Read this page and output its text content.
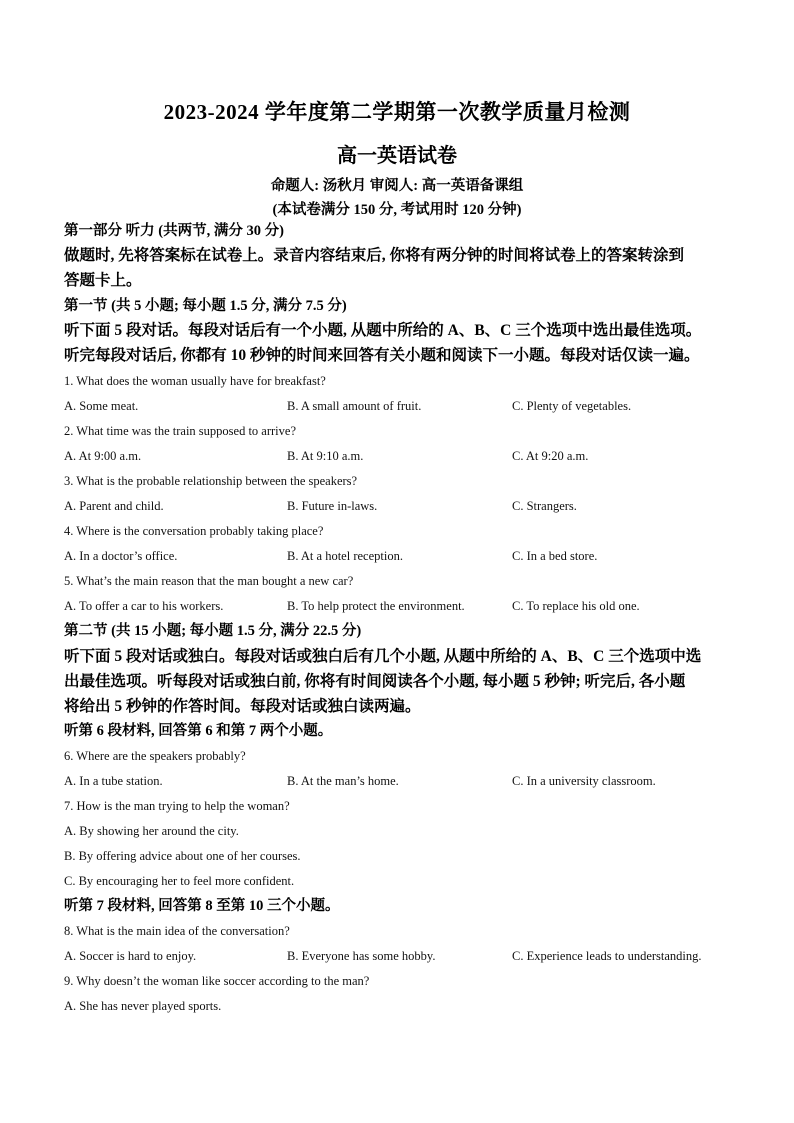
2023-2024 学年度第二学期第一次教学质量月检测
高一英语试卷
命题人: 汤秋月 审阅人: 高一英语备课组
(本试卷满分 150 分, 考试用时 120 分钟)
第一部分 听力 (共两节, 满分 30 分)
做题时, 先将答案标在试卷上。录音内容结束后, 你将有两分钟的时间将试卷上的答案转涂到
答题卡上。
第一节 (共 5 小题; 每小题 1.5 分, 满分 7.5 分)
听下面 5 段对话。每段对话后有一个小题, 从题中所给的 A、B、C 三个选项中选出最佳选项。
听完每段对话后, 你都有 10 秒钟的时间来回答有关小题和阅读下一小题。每段对话仅读一遍。
1. What does the woman usually have for breakfast?
A. Some meat.	B. A small amount of fruit.	C. Plenty of vegetables.
2. What time was the train supposed to arrive?
A. At 9:00 a.m.	B. At 9:10 a.m.	C. At 9:20 a.m.
3. What is the probable relationship between the speakers?
A. Parent and child.	B. Future in-laws.	C. Strangers.
4. Where is the conversation probably taking place?
A. In a doctor’s office.	B. At a hotel reception.	C. In a bed store.
5. What’s the main reason that the man bought a new car?
A. To offer a car to his workers.	B. To help protect the environment.	C. To replace his old one.
第二节 (共 15 小题; 每小题 1.5 分, 满分 22.5 分)
听下面 5 段对话或独白。每段对话或独白后有几个小题, 从题中所给的 A、B、C 三个选项中选
出最佳选项。听每段对话或独白前, 你将有时间阅读各个小题, 每小题 5 秒钟; 听完后, 各小题
将给出 5 秒钟的作答时间。每段对话或独白读两遍。
听第 6 段材料, 回答第 6 和第 7 两个小题。
6. Where are the speakers probably?
A. In a tube station.	B. At the man’s home.	C. In a university classroom.
7. How is the man trying to help the woman?
A. By showing her around the city.
B. By offering advice about one of her courses.
C. By encouraging her to feel more confident.
听第 7 段材料, 回答第 8 至第 10 三个小题。
8. What is the main idea of the conversation?
A. Soccer is hard to enjoy.	B. Everyone has some hobby.	C. Experience leads to understanding.
9. Why doesn’t the woman like soccer according to the man?
A. She has never played sports.
